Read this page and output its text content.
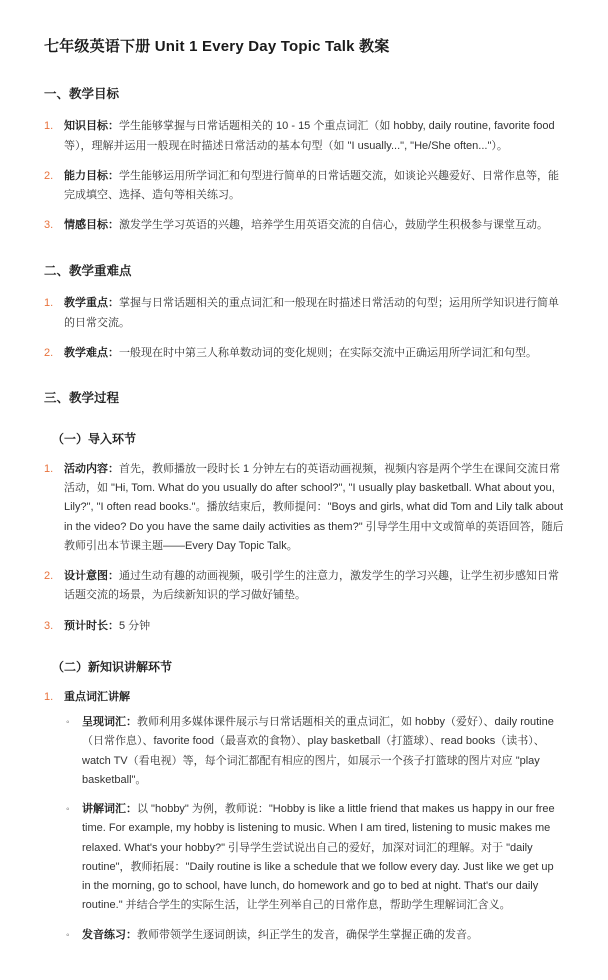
七年级英语下册 Unit 1 Every Day Topic Talk 教案
一、教学目标
1. 知识目标：学生能够掌握与日常话题相关的 10 - 15 个重点词汇（如 hobby, daily routine, favorite food 等），理解并运用一般现在时描述日常活动的基本句型（如 "I usually...", "He/She often..."）。
2. 能力目标：学生能够运用所学词汇和句型进行简单的日常话题交流，如谈论兴趣爱好、日常作息等，能完成填空、选择、造句等相关练习。
3. 情感目标：激发学生学习英语的兴趣，培养学生用英语交流的自信心，鼓励学生积极参与课堂互动。
二、教学重难点
1. 教学重点：掌握与日常话题相关的重点词汇和一般现在时描述日常活动的句型；运用所学知识进行简单的日常交流。
2. 教学难点：一般现在时中第三人称单数动词的变化规则；在实际交流中正确运用所学词汇和句型。
三、教学过程
（一）导入环节
1. 活动内容：首先，教师播放一段时长 1 分钟左右的英语动画视频，视频内容是两个学生在课间交流日常活动，如 "Hi, Tom. What do you usually do after school?", "I usually play basketball. What about you, Lily?", "I often read books."。播放结束后，教师提问："Boys and girls, what did Tom and Lily talk about in the video? Do you have the same daily activities as them?" 引导学生用中文或简单的英语回答，随后教师引出本节课主题——Every Day Topic Talk。
2. 设计意图：通过生动有趣的动画视频，吸引学生的注意力，激发学生的学习兴趣，让学生初步感知日常话题交流的场景，为后续新知识的学习做好铺垫。
3. 预计时长：5 分钟
（二）新知识讲解环节
1. 重点词汇讲解
◦ 呈现词汇：教师利用多媒体课件展示与日常话题相关的重点词汇，如 hobby（爱好）、daily routine（日常作息）、favorite food（最喜欢的食物）、play basketball（打篮球）、read books（读书）、watch TV（看电视）等，每个词汇都配有相应的图片，如展示一个孩子打篮球的图片对应 "play basketball"。
◦ 讲解词汇：以 "hobby" 为例，教师说："Hobby is like a little friend that makes us happy in our free time. For example, my hobby is listening to music. When I am tired, listening to music makes me relaxed. What's your hobby?" 引导学生尝试说出自己的爱好，加深对词汇的理解。对于 "daily routine"，教师拓展："Daily routine is like a schedule that we follow every day. Just like we get up in the morning, go to school, have lunch, do homework and go to bed at night. That's our daily routine." 并结合学生的实际生活，让学生列举自己的日常作息，帮助学生理解词汇含义。
◦ 发音练习：教师带领学生逐词朗读，纠正学生的发音，确保学生掌握正确的发音。
